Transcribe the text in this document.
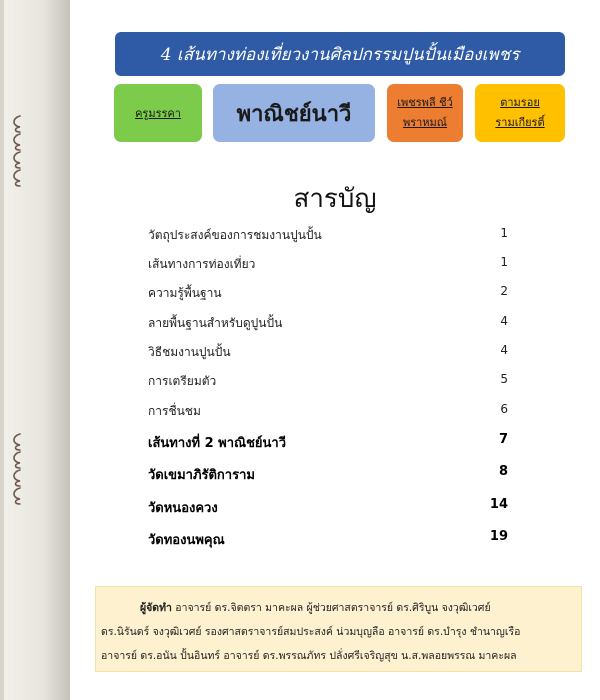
4 เส้นทางท่องเที่ยวงานศิลปกรรมปูนปั้นเมืองเพชร
ครูมรรคา	พาณิชย์นาวี	เพชรพลี ชีว์
พราหมณ์
ตามรอย
รามเกียรติ์
สารบัญ
วัตถุประสงค์ของการชมงานปูนปั้น	1
เส้นทางการท่องเที่ยว	1
ความรู้พื้นฐาน	2
ลายพื้นฐานสำหรับดูปูนปั้น	4
วิธีชมงานปูนปั้น	4
การเตรียมตัว	5
การชื่นชม	6
เส้นทางที่ 2 พาณิชย์นาวี	7
วัดเขมาภิรัติการาม	8
วัดหนองควง	14
วัดทองนพคุณ	19
ผู้จัดทำ อาจารย์ ดร.จิตตรา มาคะผล ผู้ช่วยศาสตราจารย์ ดร.ศิริบูน จงวุฒิเวศย์
ดร.นิรันดร์ จงวุฒิเวศย์ รองศาสตราจารย์สมประสงค์ น่วมบุญลือ อาจารย์ ดร.บำรุง ชำนาญเรือ
อาจารย์ ดร.อนัน ปั้นอินทร์ อาจารย์ ดร.พรรณภัทร ปลั่งศรีเจริญสุข น.ส.พลอยพรรณ มาคะผล
